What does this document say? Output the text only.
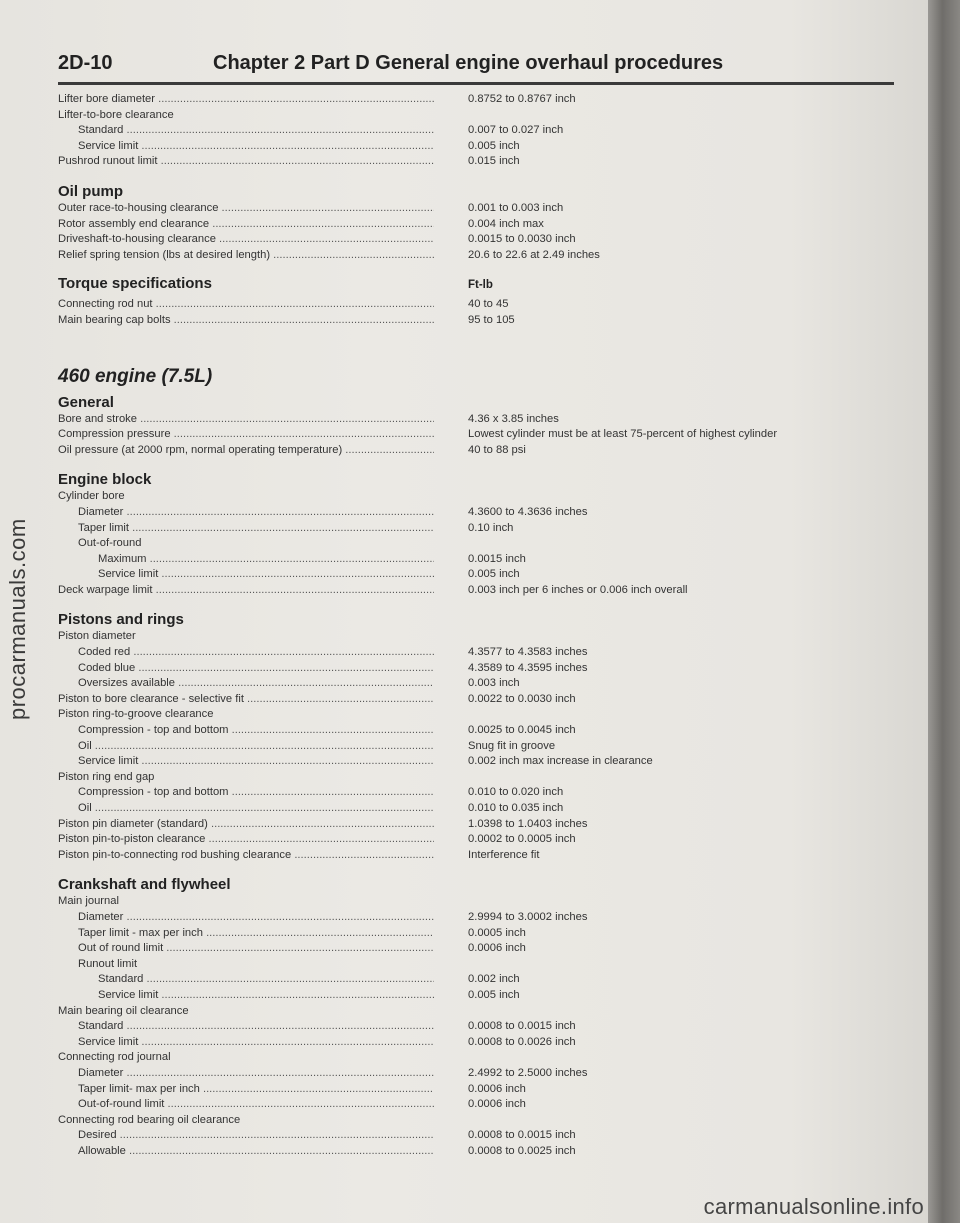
2D-10	Chapter 2 Part D General engine overhaul procedures
Lifter bore diameter .....	0.8752 to 0.8767 inch
Lifter-to-bore clearance
Standard .....	0.007 to 0.027 inch
Service limit .....	0.005 inch
Pushrod runout limit .....	0.015 inch
Oil pump
Outer race-to-housing clearance .....	0.001 to 0.003 inch
Rotor assembly end clearance .....	0.004 inch max
Driveshaft-to-housing clearance .....	0.0015 to 0.0030 inch
Relief spring tension (lbs at desired length) .....	20.6 to 22.6 at 2.49 inches
Torque specifications	Ft-lb
Connecting rod nut .....	40 to 45
Main bearing cap bolts .....	95 to 105
460 engine (7.5L)
General
Bore and stroke .....	4.36 x 3.85 inches
Compression pressure .....	Lowest cylinder must be at least 75-percent of highest cylinder
Oil pressure (at 2000 rpm, normal operating temperature) .....	40 to 88 psi
Engine block
Cylinder bore
Diameter .....	4.3600 to 4.3636 inches
Taper limit .....	0.10 inch
Out-of-round
Maximum .....	0.0015 inch
Service limit .....	0.005 inch
Deck warpage limit .....	0.003 inch per 6 inches or 0.006 inch overall
Pistons and rings
Piston diameter
Coded red .....	4.3577 to 4.3583 inches
Coded blue .....	4.3589 to 4.3595 inches
Oversizes available .....	0.003 inch
Piston to bore clearance - selective fit .....	0.0022 to 0.0030 inch
Piston ring-to-groove clearance
Compression - top and bottom .....	0.0025 to 0.0045 inch
Oil .....	Snug fit in groove
Service limit .....	0.002 inch max increase in clearance
Piston ring end gap
Compression - top and bottom .....	0.010 to 0.020 inch
Oil .....	0.010 to 0.035 inch
Piston pin diameter (standard) .....	1.0398 to 1.0403 inches
Piston pin-to-piston clearance .....	0.0002 to 0.0005 inch
Piston pin-to-connecting rod bushing clearance .....	Interference fit
Crankshaft and flywheel
Main journal
Diameter .....	2.9994 to 3.0002 inches
Taper limit - max per inch .....	0.0005 inch
Out of round limit .....	0.0006 inch
Runout limit
Standard .....	0.002 inch
Service limit .....	0.005 inch
Main bearing oil clearance
Standard .....	0.0008 to 0.0015 inch
Service limit .....	0.0008 to 0.0026 inch
Connecting rod journal
Diameter .....	2.4992 to 2.5000 inches
Taper limit- max per inch .....	0.0006 inch
Out-of-round limit .....	0.0006 inch
Connecting rod bearing oil clearance
Desired .....	0.0008 to 0.0015 inch
Allowable .....	0.0008 to 0.0025 inch
procarmanuals.com
carmanualsonline.info
